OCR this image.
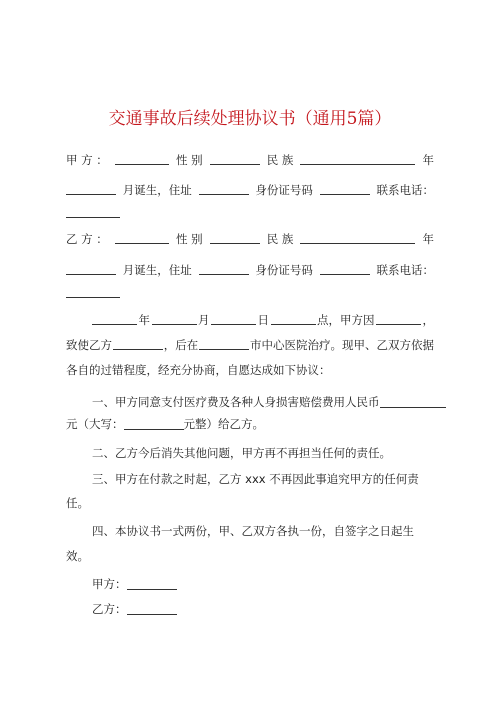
交通事故后续处理协议书（通用5篇）
甲 方 ：	性 别	民 族	年
月诞生，住址	身份证号码	联系电话：
乙 方 ：	性 别	民 族	年
月诞生，住址	身份证号码	联系电话：
年	月	日	点，甲方因	，
致使乙方	，后在	市中心医院治疗。现甲、乙双方依据
各自的过错程度，经充分协商，自愿达成如下协议：
一、甲方同意支付医疗费及各种人身损害赔偿费用人民币
元（大写：	元整）给乙方。
二、乙方今后消失其他问题，甲方再不再担当任何的责任。
三、甲方在付款之时起，乙方 xxx 不再因此事追究甲方的任何责
任。
四、本协议书一式两份，甲、乙双方各执一份，自签字之日起生
效。
甲方：
乙方：
